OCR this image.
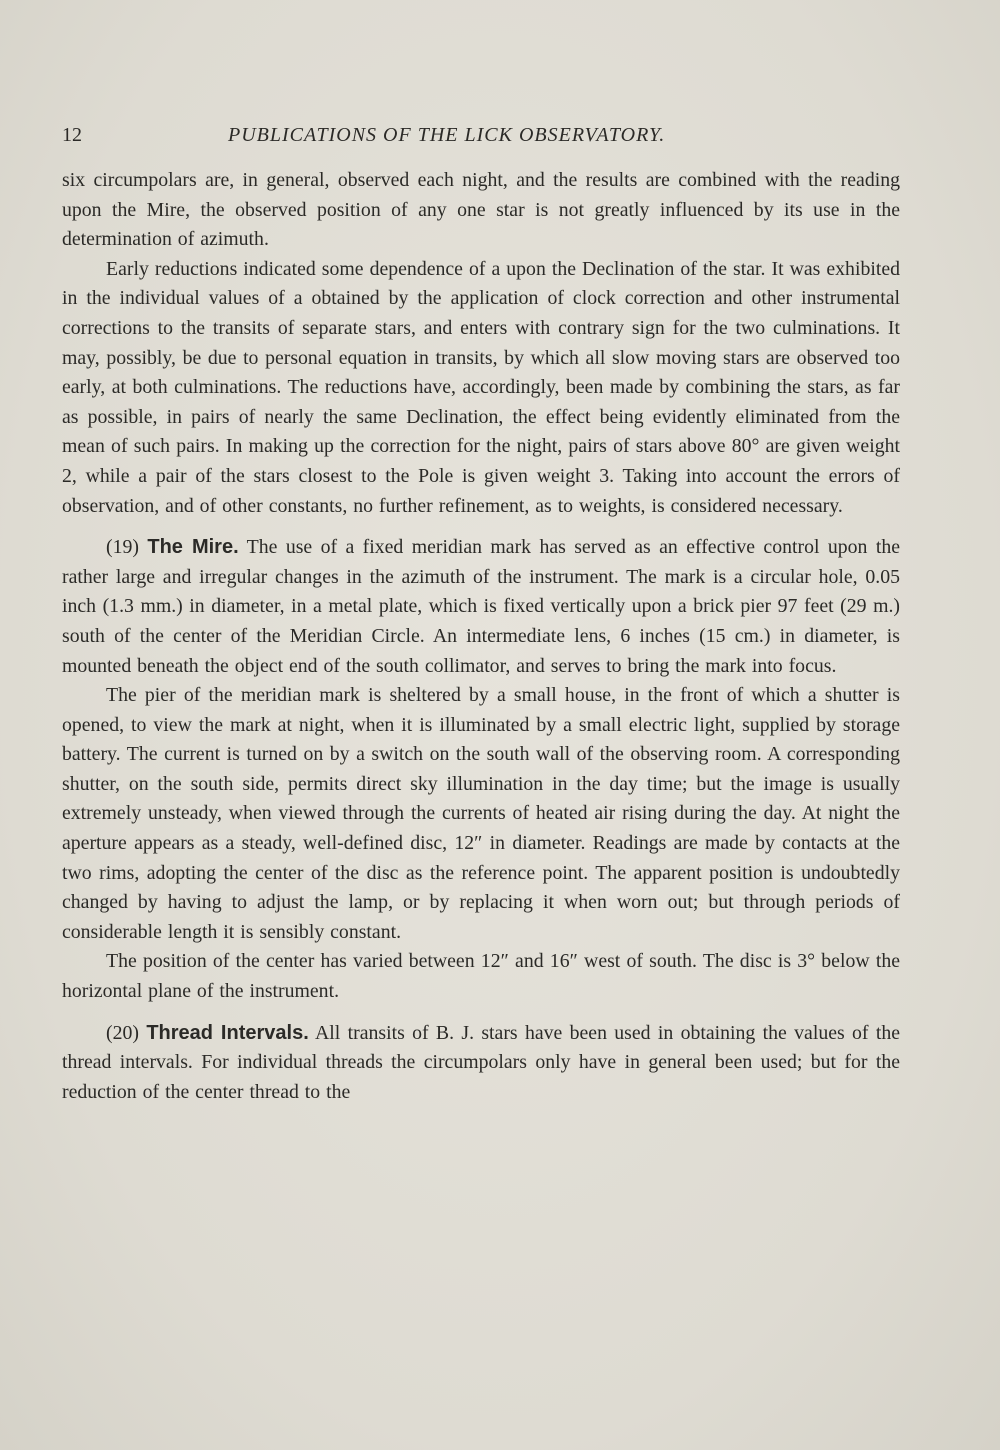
12	PUBLICATIONS OF THE LICK OBSERVATORY.

six circumpolars are, in general, observed each night, and the results are combined with the reading upon the Mire, the observed position of any one star is not greatly influenced by its use in the determination of azimuth.

Early reductions indicated some dependence of a upon the Declination of the star. It was exhibited in the individual values of a obtained by the application of clock correction and other instrumental corrections to the transits of separate stars, and enters with contrary sign for the two culminations. It may, possibly, be due to personal equation in transits, by which all slow moving stars are observed too early, at both culminations. The reductions have, accordingly, been made by combining the stars, as far as possible, in pairs of nearly the same Declination, the effect being evidently eliminated from the mean of such pairs. In making up the correction for the night, pairs of stars above 80° are given weight 2, while a pair of the stars closest to the Pole is given weight 3. Taking into account the errors of observation, and of other constants, no further refinement, as to weights, is considered necessary.

(19) The Mire. The use of a fixed meridian mark has served as an effective control upon the rather large and irregular changes in the azimuth of the instrument. The mark is a circular hole, 0.05 inch (1.3 mm.) in diameter, in a metal plate, which is fixed vertically upon a brick pier 97 feet (29 m.) south of the center of the Meridian Circle. An intermediate lens, 6 inches (15 cm.) in diameter, is mounted beneath the object end of the south collimator, and serves to bring the mark into focus.

The pier of the meridian mark is sheltered by a small house, in the front of which a shutter is opened, to view the mark at night, when it is illuminated by a small electric light, supplied by storage battery. The current is turned on by a switch on the south wall of the observing room. A corresponding shutter, on the south side, permits direct sky illumination in the day time; but the image is usually extremely unsteady, when viewed through the currents of heated air rising during the day. At night the aperture appears as a steady, well-defined disc, 12″ in diameter. Readings are made by contacts at the two rims, adopting the center of the disc as the reference point. The apparent position is undoubtedly changed by having to adjust the lamp, or by replacing it when worn out; but through periods of considerable length it is sensibly constant.

The position of the center has varied between 12″ and 16″ west of south. The disc is 3° below the horizontal plane of the instrument.

(20) Thread Intervals. All transits of B. J. stars have been used in obtaining the values of the thread intervals. For individual threads the circumpolars only have in general been used; but for the reduction of the center thread to the
